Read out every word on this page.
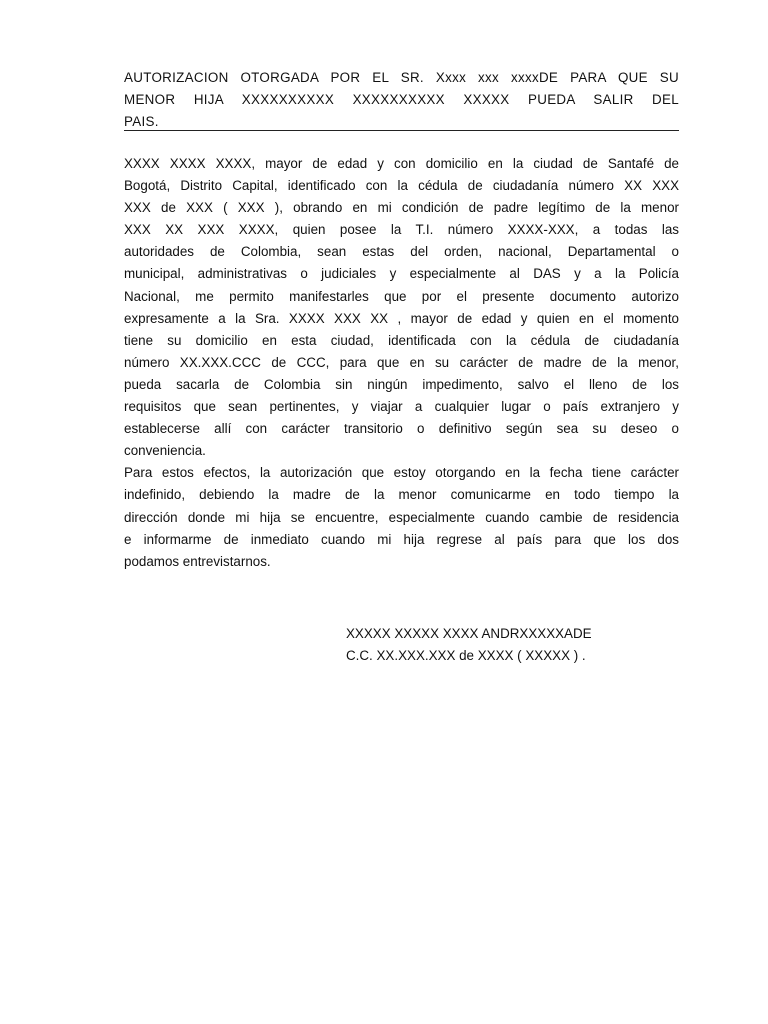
AUTORIZACION OTORGADA POR EL SR. Xxxx xxx xxxxDE PARA QUE SU
MENOR HIJA XXXXXXXXXX XXXXXXXXXX XXXXX PUEDA SALIR DEL
PAIS.
XXXX XXXX XXXX, mayor de edad y con domicilio en la ciudad de Santafé de
Bogotá, Distrito Capital, identificado con la cédula de ciudadanía número XX XXX
XXX de XXX ( XXX ), obrando en mi condición de padre legítimo de la menor
XXX XX XXX XXXX, quien posee la T.I. número XXXX-XXX, a todas las
autoridades de Colombia, sean estas del orden, nacional, Departamental o
municipal, administrativas o judiciales y especialmente al DAS y a la Policía
Nacional, me permito manifestarles que por el presente documento autorizo
expresamente a la Sra. XXXX XXX XX , mayor de edad y quien en el momento
tiene su domicilio en esta ciudad, identificada con la cédula de ciudadanía
número XX.XXX.CCC de CCC, para que en su carácter de madre de la menor,
pueda sacarla de Colombia sin ningún impedimento, salvo el lleno de los
requisitos que sean pertinentes, y viajar a cualquier lugar o país extranjero y
establecerse allí con carácter transitorio o definitivo según sea su deseo o
conveniencia.
Para estos efectos, la autorización que estoy otorgando en la fecha tiene carácter
indefinido, debiendo la madre de la menor comunicarme en todo tiempo la
dirección donde mi hija se encuentre, especialmente cuando cambie de residencia
e informarme de inmediato cuando mi hija regrese al país para que los dos
podamos entrevistarnos.
XXXXX XXXXX XXXX ANDRXXXXXADE
C.C. XX.XXX.XXX de XXXX ( XXXXX ) .
